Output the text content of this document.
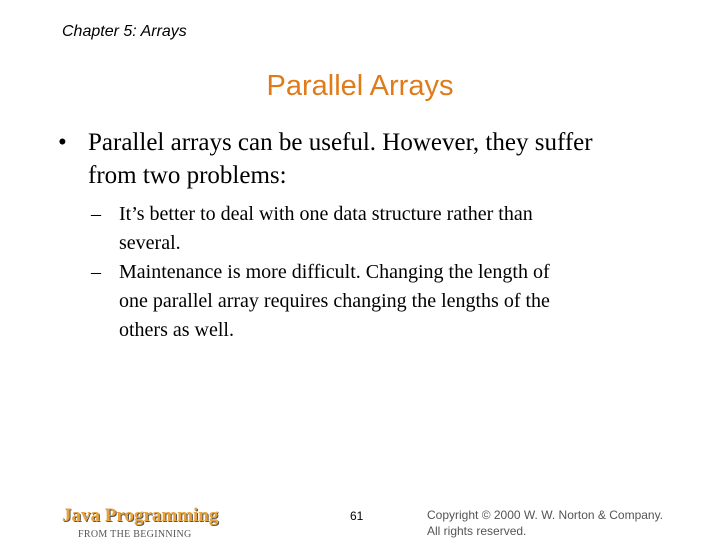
Chapter 5: Arrays
Parallel Arrays
• Parallel arrays can be useful. However, they suffer
from two problems:
– It’s better to deal with one data structure rather than
several.
– Maintenance is more difficult. Changing the length of
one parallel array requires changing the lengths of the
others as well.
Java Programming
FROM THE BEGINNING
61	Copyright © 2000 W. W. Norton & Company.
All rights reserved.
